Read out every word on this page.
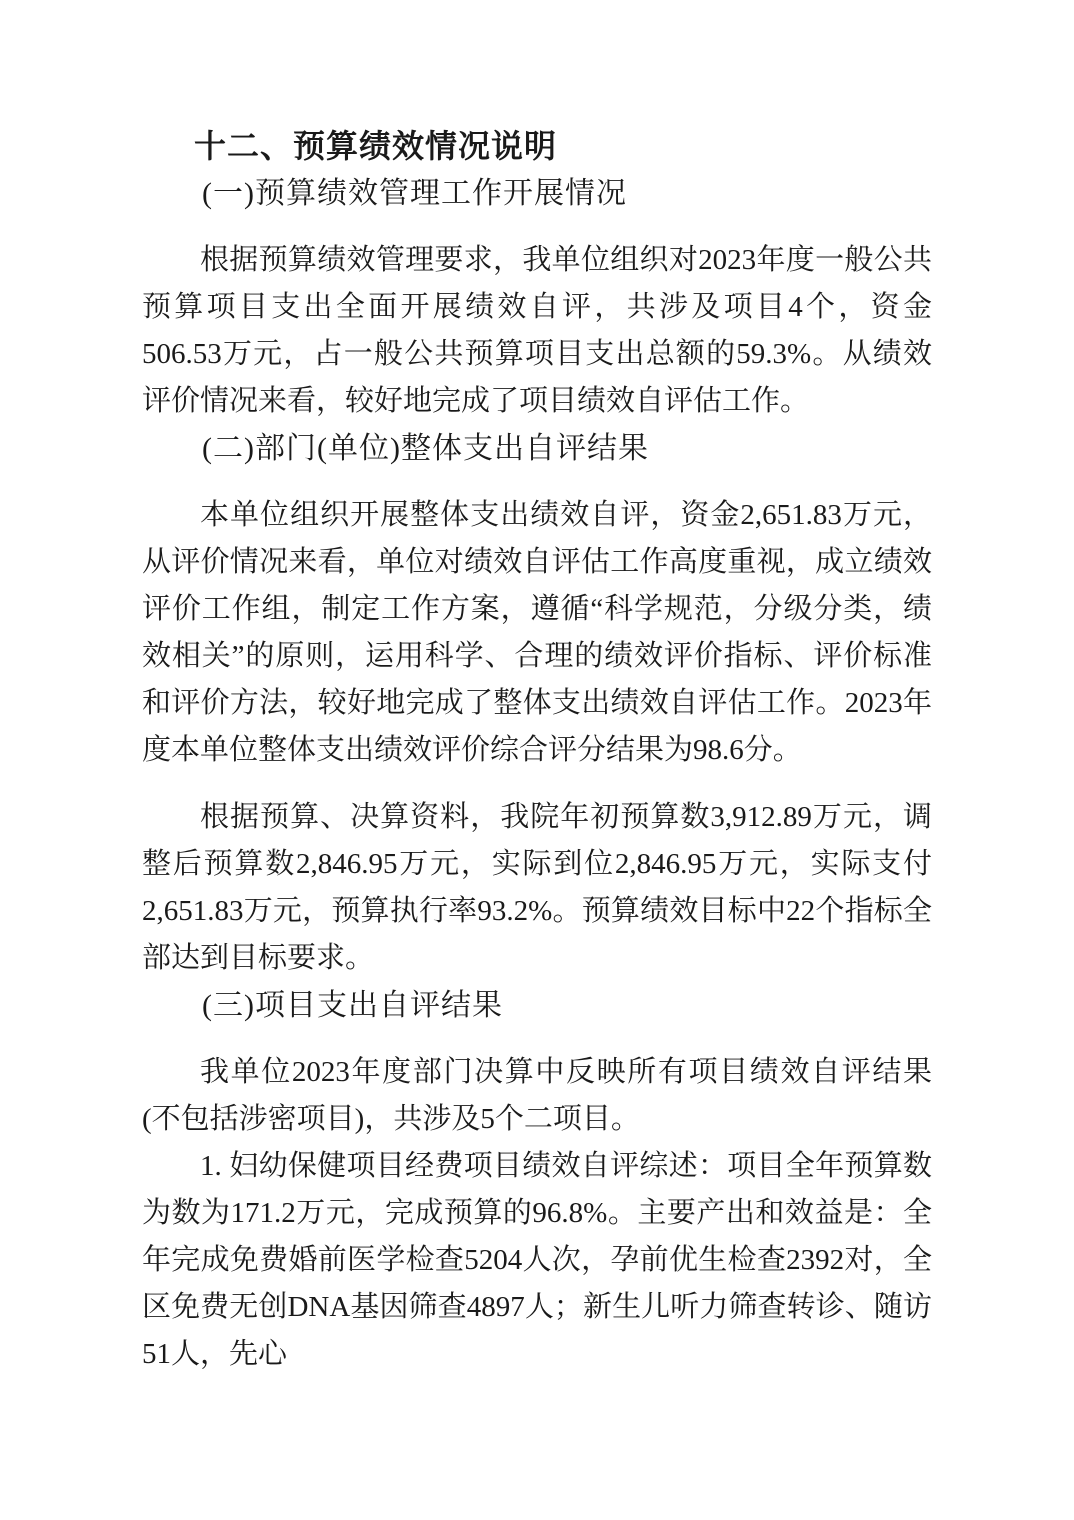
十二、预算绩效情况说明
(一)预算绩效管理工作开展情况
根据预算绩效管理要求，我单位组织对2023年度一般公共预算项目支出全面开展绩效自评，共涉及项目4个，资金506.53万元，占一般公共预算项目支出总额的59.3%。从绩效评价情况来看，较好地完成了项目绩效自评估工作。
(二)部门(单位)整体支出自评结果
本单位组织开展整体支出绩效自评，资金2,651.83万元，从评价情况来看，单位对绩效自评估工作高度重视，成立绩效评价工作组，制定工作方案，遵循“科学规范，分级分类，绩效相关”的原则，运用科学、合理的绩效评价指标、评价标准和评价方法，较好地完成了整体支出绩效自评估工作。2023年度本单位整体支出绩效评价综合评分结果为98.6分。
根据预算、决算资料，我院年初预算数3,912.89万元，调整后预算数2,846.95万元，实际到位2,846.95万元，实际支付2,651.83万元，预算执行率93.2%。预算绩效目标中22个指标全部达到目标要求。
(三)项目支出自评结果
我单位2023年度部门决算中反映所有项目绩效自评结果(不包括涉密项目)，共涉及5个二项目。
1. 妇幼保健项目经费项目绩效自评综述：项目全年预算数为数为171.2万元，完成预算的96.8%。主要产出和效益是：全年完成免费婚前医学检查5204人次，孕前优生检查2392对，全区免费无创DNA基因筛查4897人；新生儿听力筛查转诊、随访51人，先心
